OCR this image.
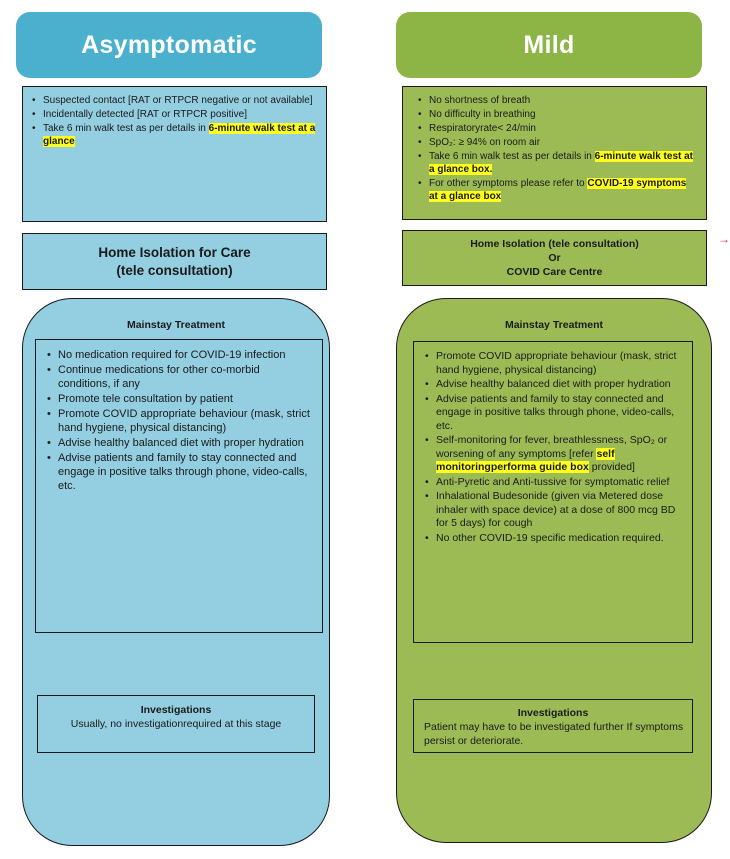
Asymptomatic
• Suspected contact [RAT or RTPCR negative or not available]
• Incidentally detected [RAT or RTPCR positive]
• Take 6 min walk test as per details in 6-minute walk test at a glance
Home Isolation for Care
(tele consultation)
Mainstay Treatment
• No medication required for COVID-19 infection
• Continue medications for other co-morbid conditions, if any
• Promote tele consultation by patient
• Promote COVID appropriate behaviour (mask, strict hand hygiene, physical distancing)
• Advise healthy balanced diet with proper hydration
• Advise patients and family to stay connected and engage in positive talks through phone, video-calls, etc.
Investigations
Usually, no investigationrequired at this stage
Mild
• No shortness of breath
• No difficulty in breathing
• Respiratoryrate< 24/min
• SpO₂: ≥ 94% on room air
• Take 6 min walk test as per details in 6-minute walk test at a glance box.
• For other symptoms please refer to COVID-19 symptoms at a glance box
Home Isolation (tele consultation)
Or
COVID Care Centre
Mainstay Treatment
• Promote COVID appropriate behaviour (mask, strict hand hygiene, physical distancing)
• Advise healthy balanced diet with proper hydration
• Advise patients and family to stay connected and engage in positive talks through phone, video-calls, etc.
• Self-monitoring for fever, breathlessness, SpO₂ or worsening of any symptoms [refer self monitoringperforma guide box provided]
• Anti-Pyretic and Anti-tussive for symptomatic relief
• Inhalational Budesonide (given via Metered dose inhaler with space device) at a dose of 800 mcg BD for 5 days) for cough
• No other COVID-19 specific medication required.
Investigations
Patient may have to be investigated further If symptoms persist or deteriorate.
→
